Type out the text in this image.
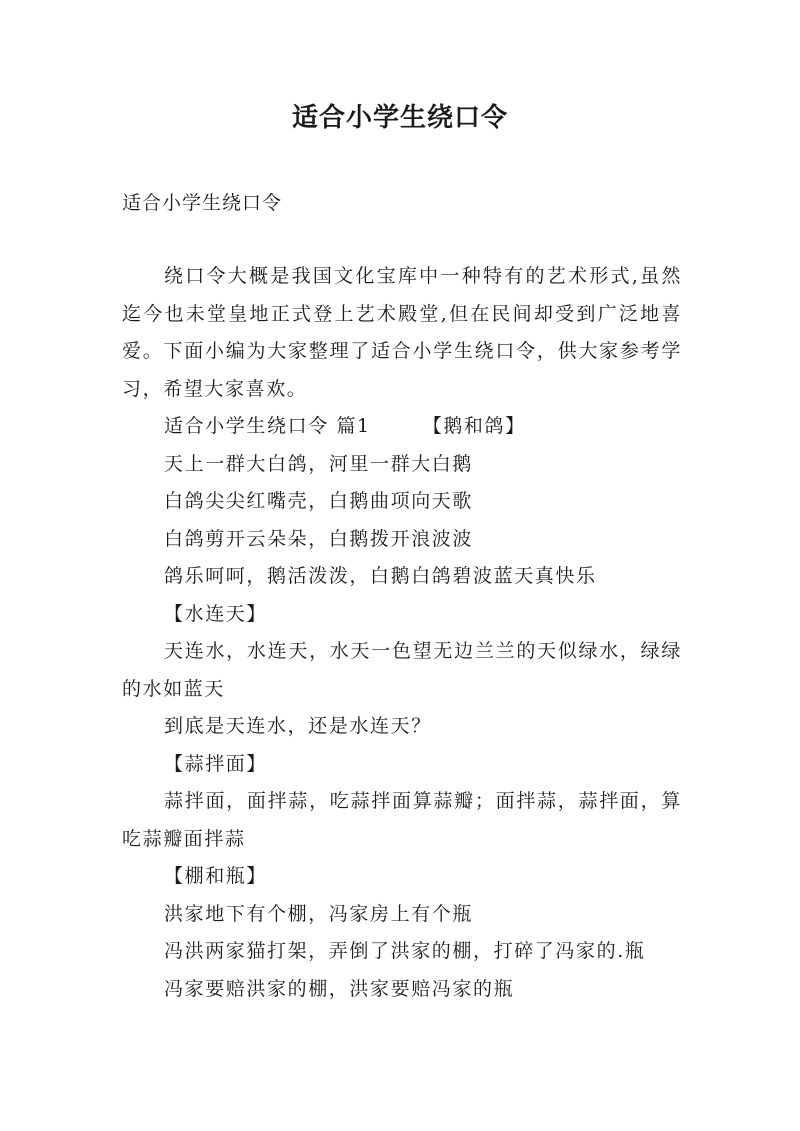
适合小学生绕口令
适合小学生绕口令

绕口令大概是我国文化宝库中一种特有的艺术形式,虽然迄今也未堂皇地正式登上艺术殿堂,但在民间却受到广泛地喜爱。下面小编为大家整理了适合小学生绕口令，供大家参考学习，希望大家喜欢。

适合小学生绕口令 篇1	【鹅和鸽】

天上一群大白鸽，河里一群大白鹅

白鸽尖尖红嘴壳，白鹅曲项向天歌

白鸽剪开云朵朵，白鹅拨开浪波波

鸽乐呵呵，鹅活泼泼，白鹅白鸽碧波蓝天真快乐

【水连天】

天连水，水连天，水天一色望无边兰兰的天似绿水，绿绿的水如蓝天

到底是天连水，还是水连天？

【蒜拌面】

蒜拌面，面拌蒜，吃蒜拌面算蒜瓣；面拌蒜，蒜拌面，算吃蒜瓣面拌蒜

【棚和瓶】

洪家地下有个棚，冯家房上有个瓶

冯洪两家猫打架，弄倒了洪家的棚，打碎了冯家的.瓶

冯家要赔洪家的棚，洪家要赔冯家的瓶
